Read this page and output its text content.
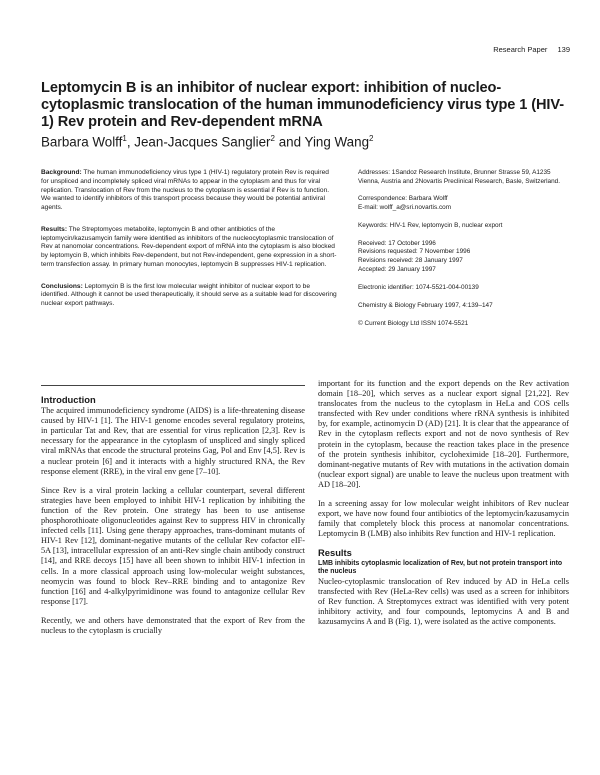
Research Paper 139
Leptomycin B is an inhibitor of nuclear export: inhibition of nucleo-cytoplasmic translocation of the human immunodeficiency virus type 1 (HIV-1) Rev protein and Rev-dependent mRNA
Barbara Wolff$^1$, Jean-Jacques Sanglier$^2$ and Ying Wang$^2$

Background: The human immunodeficiency virus type 1 (HIV-1) regulatory protein Rev is required for unspliced and incompletely spliced viral mRNAs to appear in the cytoplasm and thus for viral replication. Translocation of Rev from the nucleus to the cytoplasm is essential if Rev is to function. We wanted to identify inhibitors of this transport process because they would be potential antiviral agents.

Results: The Streptomyces metabolite, leptomycin B and other antibiotics of the leptomycin/kazusamycin family were identified as inhibitors of the nucleocytoplasmic translocation of Rev at nanomolar concentrations. Rev-dependent export of mRNA into the cytoplasm is also blocked by leptomycin B, which inhibits Rev-dependent, but not Rev-independent, gene expression in a short-term transfection assay. In primary human monocytes, leptomycin B suppresses HIV-1 replication.

Conclusions: Leptomycin B is the first low molecular weight inhibitor of nuclear export to be identified. Although it cannot be used therapeutically, it should serve as a suitable lead for discovering nuclear export pathways.

Addresses: 1Sandoz Research Institute, Brunner Strasse 59, A1235 Vienna, Austria and 2Novartis Preclinical Research, Basle, Switzerland.

Correspondence: Barbara Wolff
E-mail: wolff_a@sri.novartis.com

Keywords: HIV-1 Rev, leptomycin B, nuclear export

Received: 17 October 1996
Revisions requested: 7 November 1996
Revisions received: 28 January 1997
Accepted: 29 January 1997

Electronic identifier: 1074-5521-004-00139

Chemistry & Biology February 1997, 4:139–147

© Current Biology Ltd ISSN 1074-5521

Introduction

The acquired immunodeficiency syndrome (AIDS) is a life-threatening disease caused by HIV-1 [1]. The HIV-1 genome encodes several regulatory proteins, in particular Tat and Rev, that are essential for virus replication [2,3]. Rev is necessary for the appearance in the cytoplasm of unspliced and singly spliced viral mRNAs that encode the structural proteins Gag, Pol and Env [4,5]. Rev is a nuclear protein [6] and it interacts with a highly structured RNA, the Rev response element (RRE), in the viral env gene [7–10].

Since Rev is a viral protein lacking a cellular counterpart, several different strategies have been employed to inhibit HIV-1 replication by inhibiting the function of the Rev protein. One strategy has been to use antisense phosphorothioate oligonucleotides against Rev to suppress HIV in chronically infected cells [11]. Using gene therapy approaches, trans-dominant mutants of HIV-1 Rev [12], dominant-negative mutants of the cellular Rev cofactor eIF-5A [13], intracellular expression of an anti-Rev single chain antibody construct [14], and RRE decoys [15] have all been shown to inhibit HIV-1 infection in cells. In a more classical approach using low-molecular weight substances, neomycin was found to block Rev–RRE binding and to antagonize Rev function [16] and 4-alkylpyrimidinone was found to antagonize cellular Rev response [17].

Recently, we and others have demonstrated that the export of Rev from the nucleus to the cytoplasm is crucially

important for its function and the export depends on the Rev activation domain [18–20], which serves as a nuclear export signal [21,22]. Rev translocates from the nucleus to the cytoplasm in HeLa and COS cells transfected with Rev under conditions where rRNA synthesis is inhibited by, for example, actinomycin D (AD) [21]. It is clear that the appearance of Rev in the cytoplasm reflects export and not de novo synthesis of Rev protein in the cytoplasm, because the reaction takes place in the presence of the protein synthesis inhibitor, cycloheximide [18–20]. Furthermore, dominant-negative mutants of Rev with mutations in the activation domain (nuclear export signal) are unable to leave the nucleus upon treatment with AD [18–20].

In a screening assay for low molecular weight inhibitors of Rev nuclear export, we have now found four antibiotics of the leptomycin/kazusamycin family that completely block this process at nanomolar concentrations. Leptomycin B (LMB) also inhibits Rev function and HIV-1 replication.

Results
LMB inhibits cytoplasmic localization of Rev, but not protein transport into the nucleus

Nucleo-cytoplasmic translocation of Rev induced by AD in HeLa cells transfected with Rev (HeLa-Rev cells) was used as a screen for inhibitors of Rev function. A Streptomyces extract was identified with very potent inhibitory activity, and four compounds, leptomycins A and B and kazusamycins A and B (Fig. 1), were isolated as the active components.
